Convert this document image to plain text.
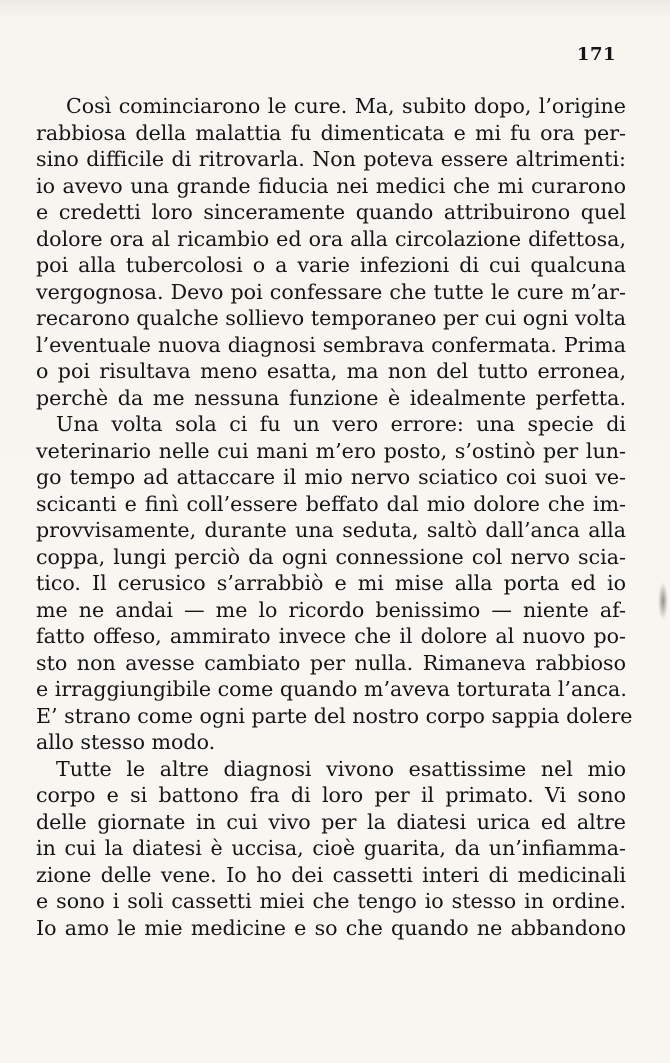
171
Così cominciarono le cure. Ma, subito dopo, l’origine
rabbiosa della malattia fu dimenticata e mi fu ora per-
sino difficile di ritrovarla. Non poteva essere altrimenti:
io avevo una grande fiducia nei medici che mi curarono
e credetti loro sinceramente quando attribuirono quel
dolore ora al ricambio ed ora alla circolazione difettosa,
poi alla tubercolosi o a varie infezioni di cui qualcuna
vergognosa. Devo poi confessare che tutte le cure m’ar-
recarono qualche sollievo temporaneo per cui ogni volta
l’eventuale nuova diagnosi sembrava confermata. Prima
o poi risultava meno esatta, ma non del tutto erronea,
perchè da me nessuna funzione è idealmente perfetta.
Una volta sola ci fu un vero errore: una specie di
veterinario nelle cui mani m’ero posto, s’ostinò per lun-
go tempo ad attaccare il mio nervo sciatico coi suoi ve-
scicanti e finì coll’essere beffato dal mio dolore che im-
provvisamente, durante una seduta, saltò dall’anca alla
coppa, lungi perciò da ogni connessione col nervo scia-
tico. Il cerusico s’arrabbiò e mi mise alla porta ed io
me ne andai — me lo ricordo benissimo — niente af-
fatto offeso, ammirato invece che il dolore al nuovo po-
sto non avesse cambiato per nulla. Rimaneva rabbioso
e irraggiungibile come quando m’aveva torturata l’anca.
E’ strano come ogni parte del nostro corpo sappia dolere
allo stesso modo.
Tutte le altre diagnosi vivono esattissime nel mio
corpo e si battono fra di loro per il primato. Vi sono
delle giornate in cui vivo per la diatesi urica ed altre
in cui la diatesi è uccisa, cioè guarita, da un’infiamma-
zione delle vene. Io ho dei cassetti interi di medicinali
e sono i soli cassetti miei che tengo io stesso in ordine.
Io amo le mie medicine e so che quando ne abbandono
